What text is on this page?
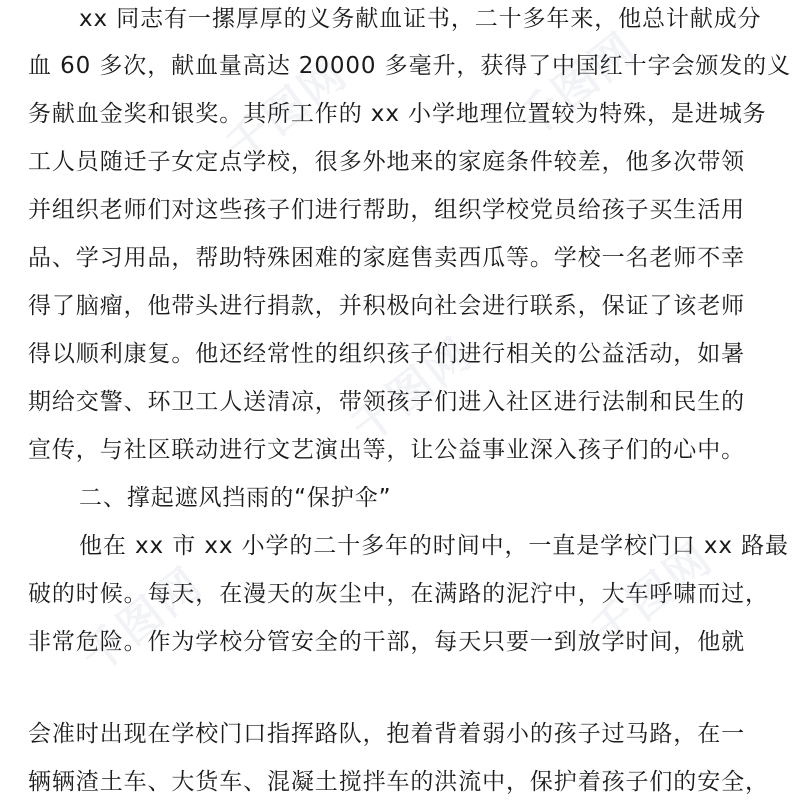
千图网	千图网
千图网
千图网	千图网
xx 同志有一摞厚厚的义务献血证书，二十多年来，他总计献成分
血 60 多次，献血量高达 20000 多毫升，获得了中国红十字会颁发的义
务献血金奖和银奖。其所工作的 xx 小学地理位置较为特殊，是进城务
工人员随迁子女定点学校，很多外地来的家庭条件较差，他多次带领
并组织老师们对这些孩子们进行帮助，组织学校党员给孩子买生活用
品、学习用品，帮助特殊困难的家庭售卖西瓜等。学校一名老师不幸
得了脑瘤，他带头进行捐款，并积极向社会进行联系，保证了该老师
得以顺利康复。他还经常性的组织孩子们进行相关的公益活动，如暑
期给交警、环卫工人送清凉，带领孩子们进入社区进行法制和民生的
宣传，与社区联动进行文艺演出等，让公益事业深入孩子们的心中。
二、撑起遮风挡雨的“保护伞”
他在 xx 市 xx 小学的二十多年的时间中，一直是学校门口 xx 路最
破的时候。每天，在漫天的灰尘中，在满路的泥泞中，大车呼啸而过，
非常危险。作为学校分管安全的干部，每天只要一到放学时间，他就
会准时出现在学校门口指挥路队，抱着背着弱小的孩子过马路，在一
辆辆渣土车、大货车、混凝土搅拌车的洪流中，保护着孩子们的安全，
